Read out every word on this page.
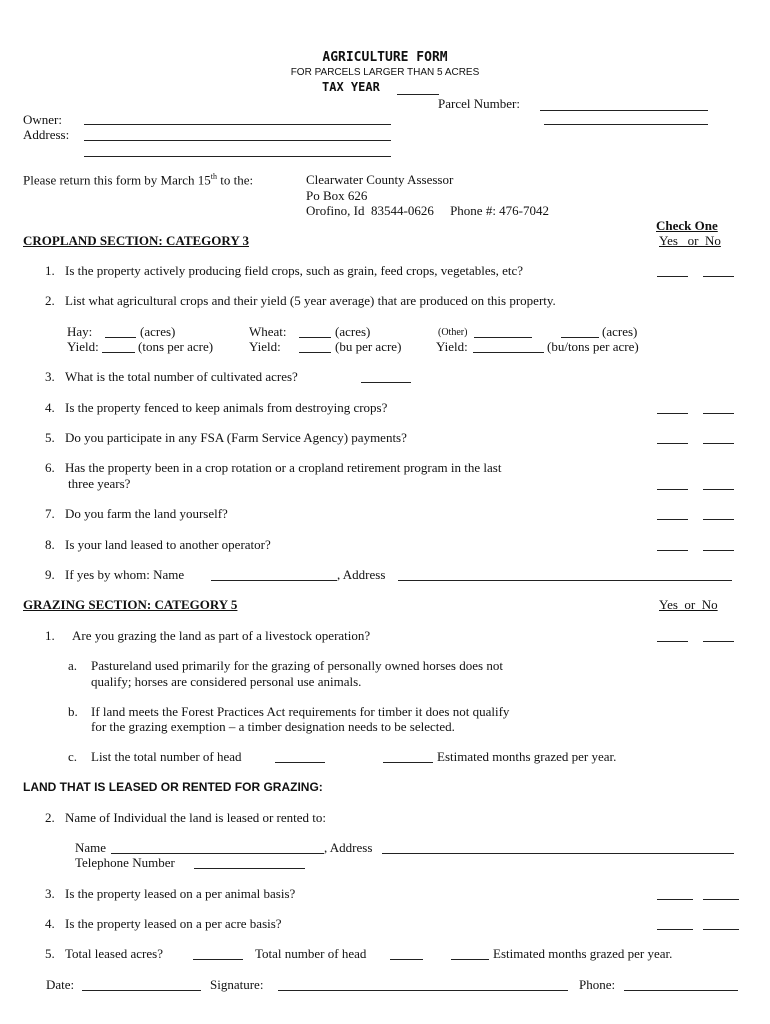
AGRICULTURE FORM
FOR PARCELS LARGER THAN 5 ACRES
TAX YEAR
Parcel Number:
Owner:
Address:
Please return this form by March 15th to the:	Clearwater County Assessor
Po Box 626
Orofino, Id  83544-0626     Phone #: 476-7042
Check One
CROPLAND SECTION: CATEGORY 3	Yes   or  No
1. Is the property actively producing field crops, such as grain, feed crops, vegetables, etc?
2. List what agricultural crops and their yield (5 year average) that are produced on this property.
Hay:	(acres)	Wheat:	(acres)	(Other)	(acres)
Yield:	(tons per acre)	Yield:	(bu per acre)	Yield:	(bu/tons per acre)
3. What is the total number of cultivated acres?
4. Is the property fenced to keep animals from destroying crops?
5. Do you participate in any FSA (Farm Service Agency) payments?
6. Has the property been in a crop rotation or a cropland retirement program in the last
three years?
7. Do you farm the land yourself?
8. Is your land leased to another operator?
9. If yes by whom: Name	, Address
GRAZING SECTION: CATEGORY 5	Yes  or  No
1. Are you grazing the land as part of a livestock operation?
a. Pastureland used primarily for the grazing of personally owned horses does not
qualify; horses are considered personal use animals.
b. If land meets the Forest Practices Act requirements for timber it does not qualify
for the grazing exemption – a timber designation needs to be selected.
c. List the total number of head	Estimated months grazed per year.
LAND THAT IS LEASED OR RENTED FOR GRAZING:
2. Name of Individual the land is leased or rented to:
Name	, Address
Telephone Number
3. Is the property leased on a per animal basis?
4. Is the property leased on a per acre basis?
5. Total leased acres?	Total number of head	Estimated months grazed per year.
Date:	Signature:	Phone:
